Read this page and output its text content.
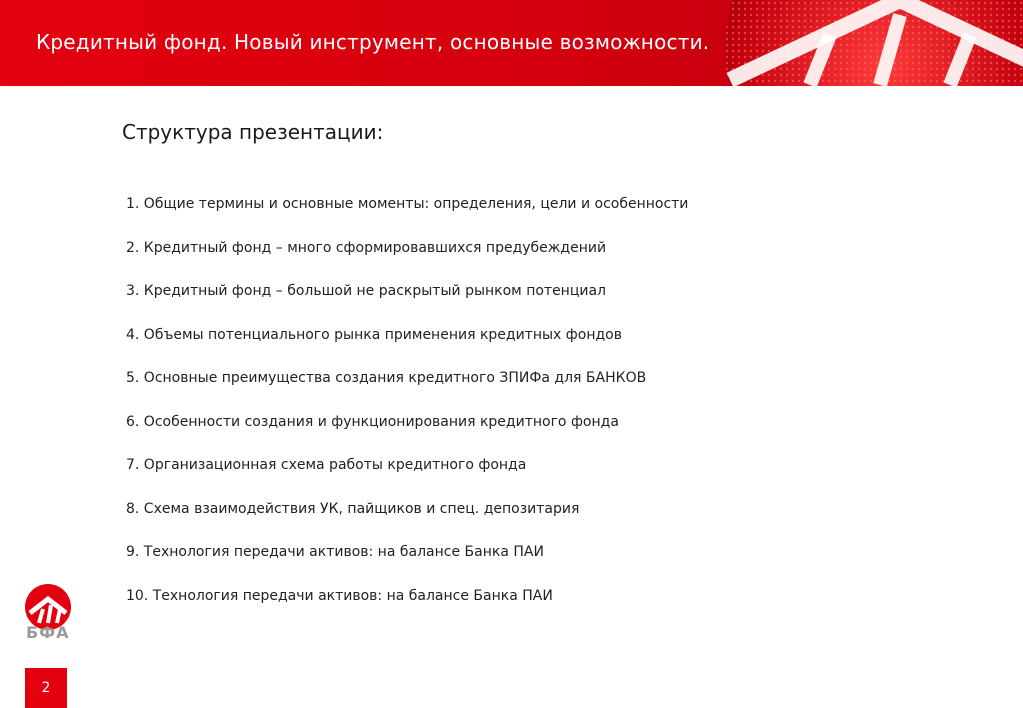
Кредитный фонд. Новый инструмент, основные возможности.
Структура презентации:
1. Общие термины и основные моменты: определения, цели и особенности
2. Кредитный фонд – много сформировавшихся предубеждений
3. Кредитный фонд – большой не раскрытый рынком потенциал
4. Объемы потенциального рынка применения кредитных фондов
5. Основные преимущества создания кредитного ЗПИФа для БАНКОВ
6. Особенности создания и функционирования кредитного фонда
7. Организационная схема работы кредитного фонда
8. Схема взаимодействия УК, пайщиков и спец. депозитария
9. Технология передачи активов: на балансе Банка ПАИ
10. Технология передачи активов: на балансе Банка ПАИ
БФА
2
